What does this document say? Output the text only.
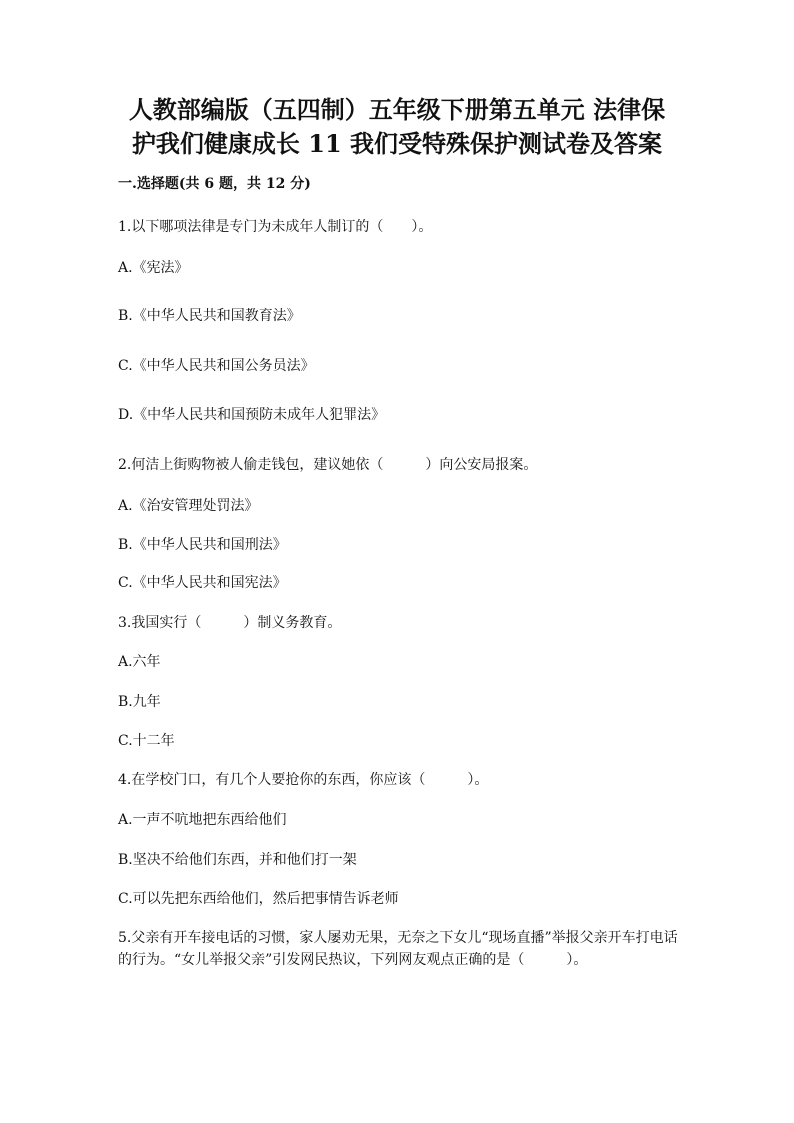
人教部编版（五四制）五年级下册第五单元 法律保
护我们健康成长 11 我们受特殊保护测试卷及答案
一.选择题(共 6 题，共 12 分)

1.以下哪项法律是专门为未成年人制订的（　　）。

A.《宪法》

B.《中华人民共和国教育法》

C.《中华人民共和国公务员法》

D.《中华人民共和国预防未成年人犯罪法》

2.何洁上街购物被人偷走钱包，建议她依（　　　）向公安局报案。

A.《治安管理处罚法》

B.《中华人民共和国刑法》

C.《中华人民共和国宪法》

3.我国实行（　　　）制义务教育。

A.六年

B.九年

C.十二年

4.在学校门口，有几个人要抢你的东西，你应该（　　　）。

A.一声不吭地把东西给他们

B.坚决不给他们东西，并和他们打一架

C.可以先把东西给他们，然后把事情告诉老师

5.父亲有开车接电话的习惯，家人屡劝无果，无奈之下女儿“现场直播”举报父亲开车打电话的行为。“女儿举报父亲”引发网民热议，下列网友观点正确的是（　　　）。
